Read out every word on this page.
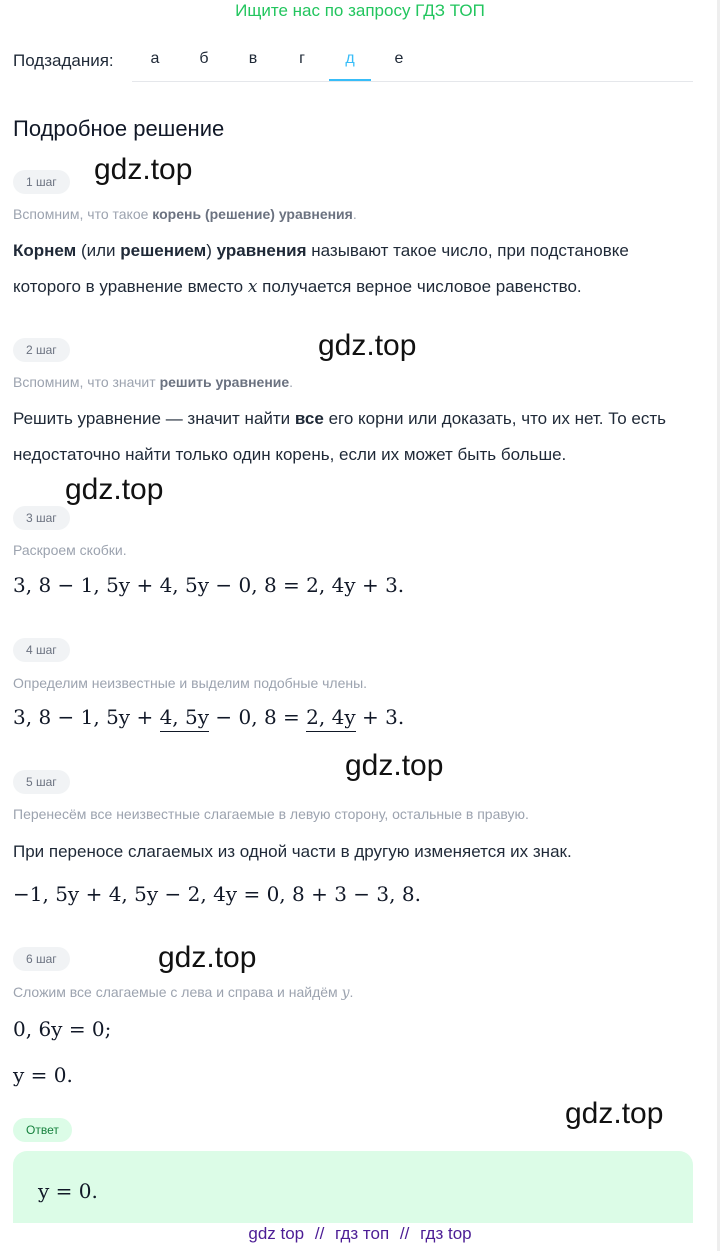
Ищите нас по запросу ГДЗ ТОП
Подзадания:	а	б	в	г	д	е
Подробное решение
1 шаг	gdz.top
Вспомним, что такое корень (решение) уравнения.
Корнем (или решением) уравнения называют такое число, при подстановке которого в уравнение вместо x получается верное числовое равенство.
2 шаг	gdz.top
Вспомним, что значит решить уравнение.
Решить уравнение — значит найти все его корни или доказать, что их нет. То есть недостаточно найти только один корень, если их может быть больше.
gdz.top
3 шаг
Раскроем скобки.
3, 8 − 1, 5y + 4, 5y − 0, 8 = 2, 4y + 3.
4 шаг
Определим неизвестные и выделим подобные члены.
3, 8 − 1, 5y + 4, 5y − 0, 8 = 2, 4y + 3.
gdz.top
5 шаг
Перенесём все неизвестные слагаемые в левую сторону, остальные в правую.
При переносе слагаемых из одной части в другую изменяется их знак.
−1, 5y + 4, 5y − 2, 4y = 0, 8 + 3 − 3, 8.
6 шаг	gdz.top
Сложим все слагаемые с лева и справа и найдём y.
0, 6y = 0;
y = 0.
gdz.top
Ответ
y = 0.
gdz top // гдз топ // гдз top
